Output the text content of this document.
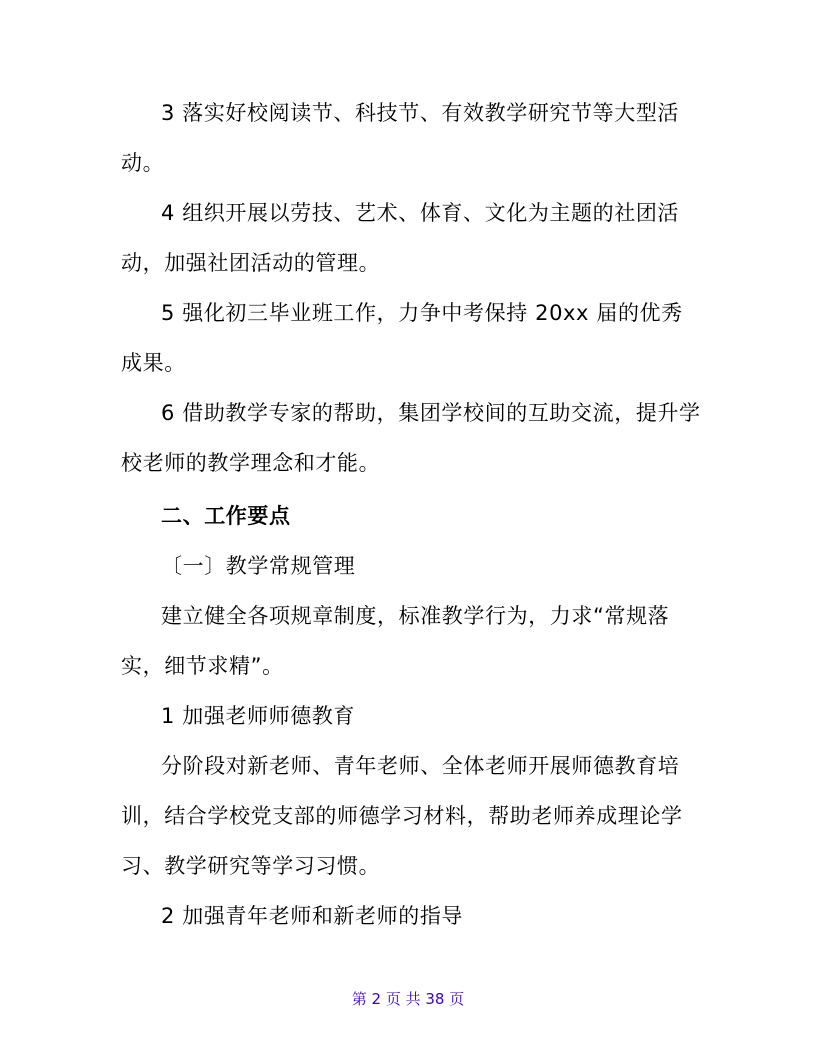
3 落实好校阅读节、科技节、有效教学研究节等大型活动。

4 组织开展以劳技、艺术、体育、文化为主题的社团活动，加强社团活动的管理。

5 强化初三毕业班工作，力争中考保持 20xx 届的优秀成果。

6 借助教学专家的帮助，集团学校间的互助交流，提升学校老师的教学理念和才能。

二、工作要点

〔一〕教学常规管理

建立健全各项规章制度，标准教学行为，力求“常规落实，细节求精”。

1 加强老师师德教育

分阶段对新老师、青年老师、全体老师开展师德教育培训，结合学校党支部的师德学习材料，帮助老师养成理论学习、教学研究等学习习惯。

2 加强青年老师和新老师的指导

第 2 页 共 38 页
